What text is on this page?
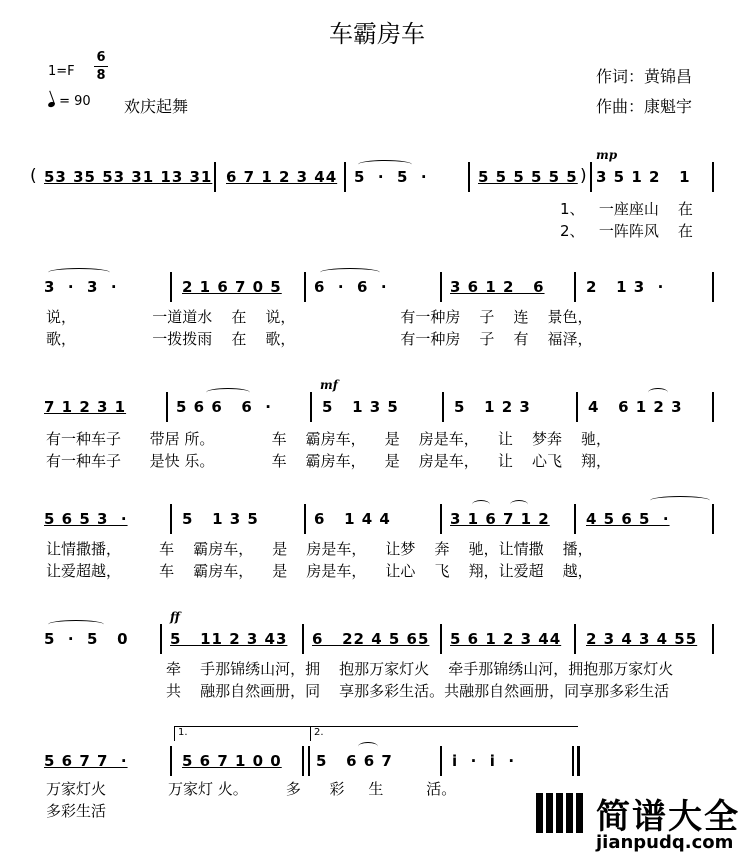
车霸房车
1=F
6
8
= 90 欢庆起舞
作词：黄锦昌
作曲：康魁宇
( 53 35 53 31 13 31 6 7 1 2 3 44 5  ·  5  ·	5 5 5 5 5 5 )
mp
3 5 1 2   1
1、   一座座山    在
2、   一阵阵风    在
3  ·  3  ·	2 1 6 7 0 5 6  ·  6  ·	3 6 1 2   6	2   1 3  ·
说，                一道道水    在    说，                      有一种房    子    连    景色，
歌，                一拨拨雨    在    歌，                      有一种房    子    有    福泽，
7 1 2 3 1	5 6 6   6  ·
mf
5   1 3 5	5   1 2 3	4   6 1 2 3
有一种车子      带居 所。            车    霸房车，    是    房是车，    让    梦奔    驰，
有一种车子      是快 乐。            车    霸房车，    是    房是车，    让    心飞    翔，
5 6 5 3  ·	5   1 3 5	6   1 4 4	3 1 6 7 1 2 4 5 6 5  ·
让情撒播，        车    霸房车，    是    房是车，    让梦    奔    驰，让情撒    播，
让爱超越，        车    霸房车，    是    房是车，    让心    飞    翔，让爱超    越，
5  ·  5   0
ff
5   11 2 3 43 6   22 4 5 65 5 6 1 2 3 44 2 3 4 3 4 55
牵    手那锦绣山河，拥    抱那万家灯火    牵手那锦绣山河，拥抱那万家灯火
共    融那自然画册，同    享那多彩生活。共融那自然画册，同享那多彩生活
1.	2.
5 6 7 7  ·	5 6 7 1 0 0 5   6 6 7	i  ·  i  ·
万家灯火             万家灯 火。        多      彩     生         活。
多彩生活	简谱大全
jianpudq.com
